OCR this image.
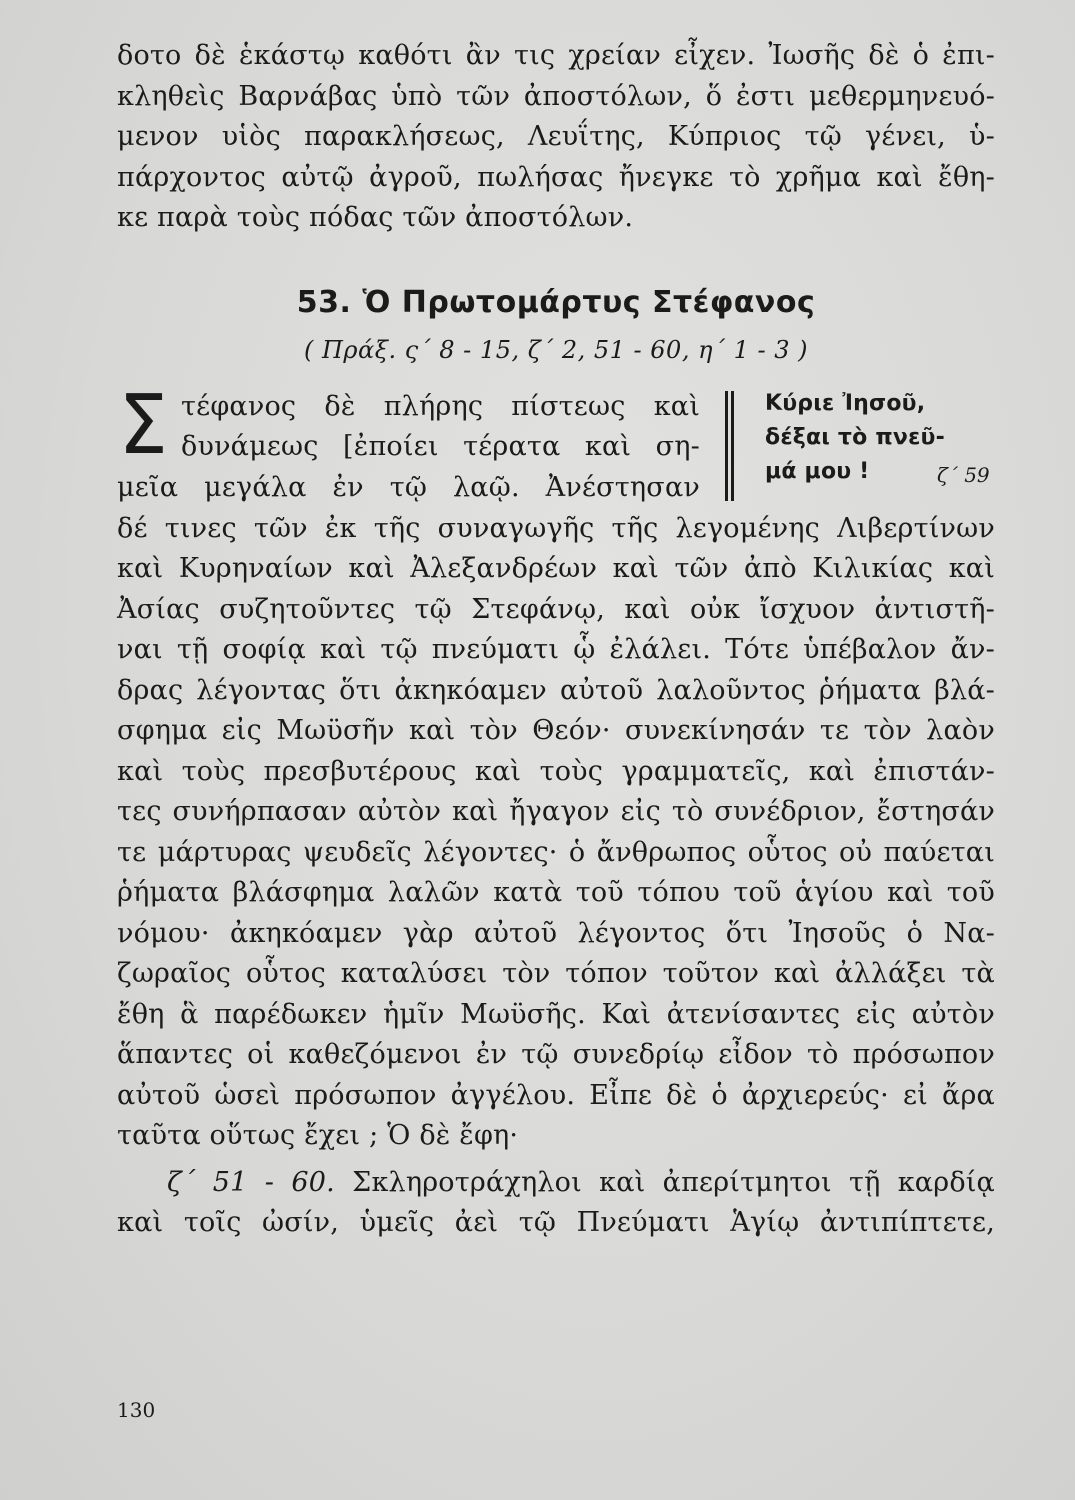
δοτο δὲ ἑκάστῳ καθότι ἂν τις χρείαν εἶχεν. Ἰωσῆς δὲ ὁ ἐπι-
κληθεὶς Βαρνάβας ὑπὸ τῶν ἀποστόλων, ὅ ἐστι μεθερμηνευό-
μενον υἱὸς παρακλήσεως, Λευΐτης, Κύπριος τῷ γένει, ὑ-
πάρχοντος αὐτῷ ἀγροῦ, πωλήσας ἤνεγκε τὸ χρῆμα καὶ ἔθη-
κε παρὰ τοὺς πόδας τῶν ἀποστόλων.
53. Ὁ Πρωτομάρτυς Στέφανος
( Πράξ. ς΄ 8 - 15, ζ΄ 2, 51 - 60, η΄ 1 - 3 )
Σ τέφανος δὲ πλήρης πίστεως καὶ
δυνάμεως [ἐποίει τέρατα καὶ ση-
μεῖα μεγάλα ἐν τῷ λαῷ. Ἀνέστησαν
Κύριε Ἰησοῦ,
δέξαι τὸ πνεῦ-
μά μου !	ζ΄ 59
δέ τινες τῶν ἐκ τῆς συναγωγῆς τῆς λεγομένης Λιβερτίνων
καὶ Κυρηναίων καὶ Ἀλεξανδρέων καὶ τῶν ἀπὸ Κιλικίας καὶ
Ἀσίας συζητοῦντες τῷ Στεφάνῳ, καὶ οὐκ ἴσχυον ἀντιστῆ-
ναι τῇ σοφίᾳ καὶ τῷ πνεύματι ᾧ ἐλάλει. Τότε ὑπέβαλον ἄν-
δρας λέγοντας ὅτι ἀκηκόαμεν αὐτοῦ λαλοῦντος ῥήματα βλά-
σφημα εἰς Μωϋσῆν καὶ τὸν Θεόν· συνεκίνησάν τε τὸν λαὸν
καὶ τοὺς πρεσβυτέρους καὶ τοὺς γραμματεῖς, καὶ ἐπιστάν-
τες συνήρπασαν αὐτὸν καὶ ἤγαγον εἰς τὸ συνέδριον, ἔστησάν
τε μάρτυρας ψευδεῖς λέγοντες· ὁ ἄνθρωπος οὗτος οὐ παύεται
ῥήματα βλάσφημα λαλῶν κατὰ τοῦ τόπου τοῦ ἁγίου καὶ τοῦ
νόμου· ἀκηκόαμεν γὰρ αὐτοῦ λέγοντος ὅτι Ἰησοῦς ὁ Να-
ζωραῖος οὗτος καταλύσει τὸν τόπον τοῦτον καὶ ἀλλάξει τὰ
ἔθη ἃ παρέδωκεν ἡμῖν Μωϋσῆς. Καὶ ἀτενίσαντες εἰς αὐτὸν
ἅπαντες οἱ καθεζόμενοι ἐν τῷ συνεδρίῳ εἶδον τὸ πρόσωπον
αὐτοῦ ὡσεὶ πρόσωπον ἀγγέλου. Εἶπε δὲ ὁ ἀρχιερεύς· εἰ ἄρα
ταῦτα οὕτως ἔχει ; Ὁ δὲ ἔφη·
ζ΄ 51 - 60. Σκληροτράχηλοι καὶ ἀπερίτμητοι τῇ καρδίᾳ
καὶ τοῖς ὠσίν, ὑμεῖς ἀεὶ τῷ Πνεύματι Ἁγίῳ ἀντιπίπτετε,
130
